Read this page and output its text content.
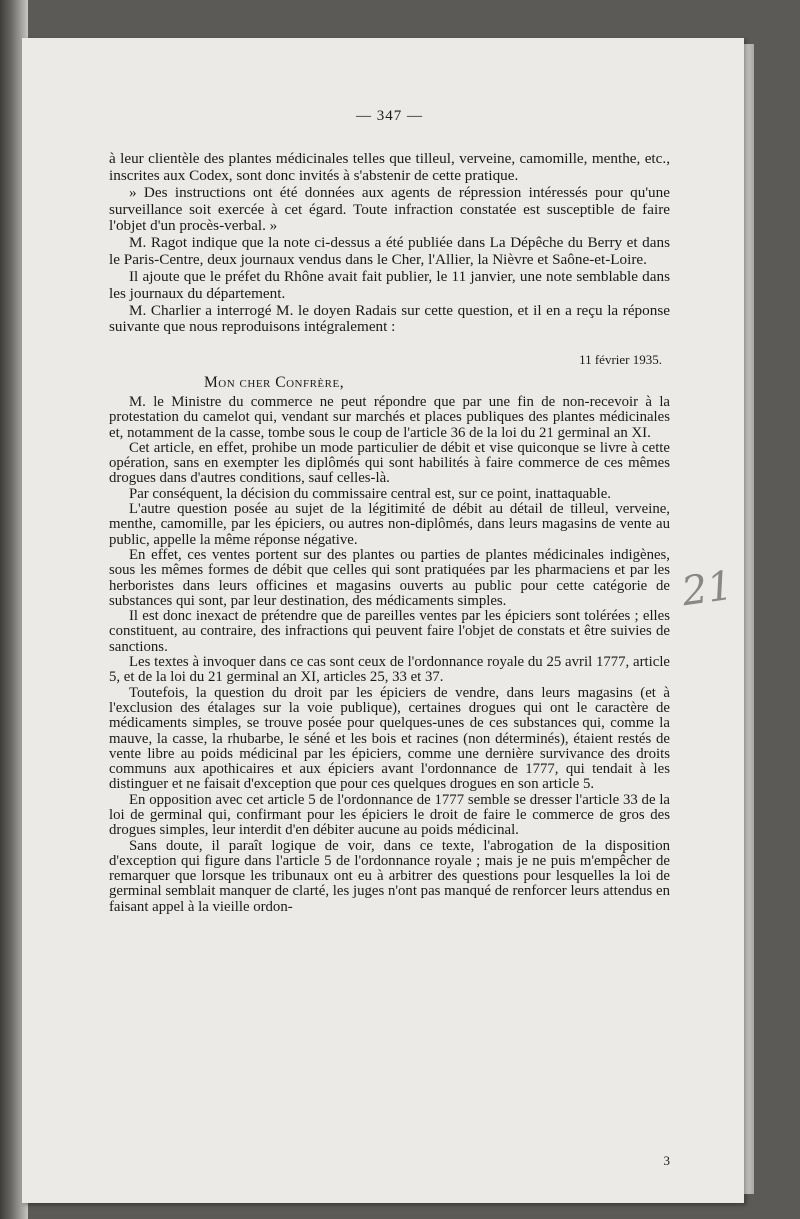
— 347 —

à leur clientèle des plantes médicinales telles que tilleul, verveine, camomille, menthe, etc., inscrites aux Codex, sont donc invités à s'abstenir de cette pratique.

» Des instructions ont été données aux agents de répression intéressés pour qu'une surveillance soit exercée à cet égard. Toute infraction constatée est susceptible de faire l'objet d'un procès-verbal. »

M. Ragot indique que la note ci-dessus a été publiée dans La Dépêche du Berry et dans le Paris-Centre, deux journaux vendus dans le Cher, l'Allier, la Nièvre et Saône-et-Loire.

Il ajoute que le préfet du Rhône avait fait publier, le 11 janvier, une note semblable dans les journaux du département.

M. Charlier a interrogé M. le doyen Radais sur cette question, et il en a reçu la réponse suivante que nous reproduisons intégralement :

11 février 1935.
Mon cher Confrère,

M. le Ministre du commerce ne peut répondre que par une fin de non-recevoir à la protestation du camelot qui, vendant sur marchés et places publiques des plantes médicinales et, notamment de la casse, tombe sous le coup de l'article 36 de la loi du 21 germinal an XI.

Cet article, en effet, prohibe un mode particulier de débit et vise quiconque se livre à cette opération, sans en exempter les diplômés qui sont habilités à faire commerce de ces mêmes drogues dans d'autres conditions, sauf celles-là.

Par conséquent, la décision du commissaire central est, sur ce point, inattaquable.

L'autre question posée au sujet de la légitimité de débit au détail de tilleul, verveine, menthe, camomille, par les épiciers, ou autres non-diplômés, dans leurs magasins de vente au public, appelle la même réponse négative.

En effet, ces ventes portent sur des plantes ou parties de plantes médicinales indigènes, sous les mêmes formes de débit que celles qui sont pratiquées par les pharmaciens et par les herboristes dans leurs officines et magasins ouverts au public pour cette catégorie de substances qui sont, par leur destination, des médicaments simples.

Il est donc inexact de prétendre que de pareilles ventes par les épiciers sont tolérées ; elles constituent, au contraire, des infractions qui peuvent faire l'objet de constats et être suivies de sanctions.

Les textes à invoquer dans ce cas sont ceux de l'ordonnance royale du 25 avril 1777, article 5, et de la loi du 21 germinal an XI, articles 25, 33 et 37.

Toutefois, la question du droit par les épiciers de vendre, dans leurs magasins (et à l'exclusion des étalages sur la voie publique), certaines drogues qui ont le caractère de médicaments simples, se trouve posée pour quelques-unes de ces substances qui, comme la mauve, la casse, la rhubarbe, le séné et les bois et racines (non déterminés), étaient restés de vente libre au poids médicinal par les épiciers, comme une dernière survivance des droits communs aux apothicaires et aux épiciers avant l'ordonnance de 1777, qui tendait à les distinguer et ne faisait d'exception que pour ces quelques drogues en son article 5.

En opposition avec cet article 5 de l'ordonnance de 1777 semble se dresser l'article 33 de la loi de germinal qui, confirmant pour les épiciers le droit de faire le commerce de gros des drogues simples, leur interdit d'en débiter aucune au poids médicinal.

Sans doute, il paraît logique de voir, dans ce texte, l'abrogation de la disposition d'exception qui figure dans l'article 5 de l'ordonnance royale ; mais je ne puis m'empêcher de remarquer que lorsque les tribunaux ont eu à arbitrer des questions pour lesquelles la loi de germinal semblait manquer de clarté, les juges n'ont pas manqué de renforcer leurs attendus en faisant appel à la vieille ordon-

3
21
